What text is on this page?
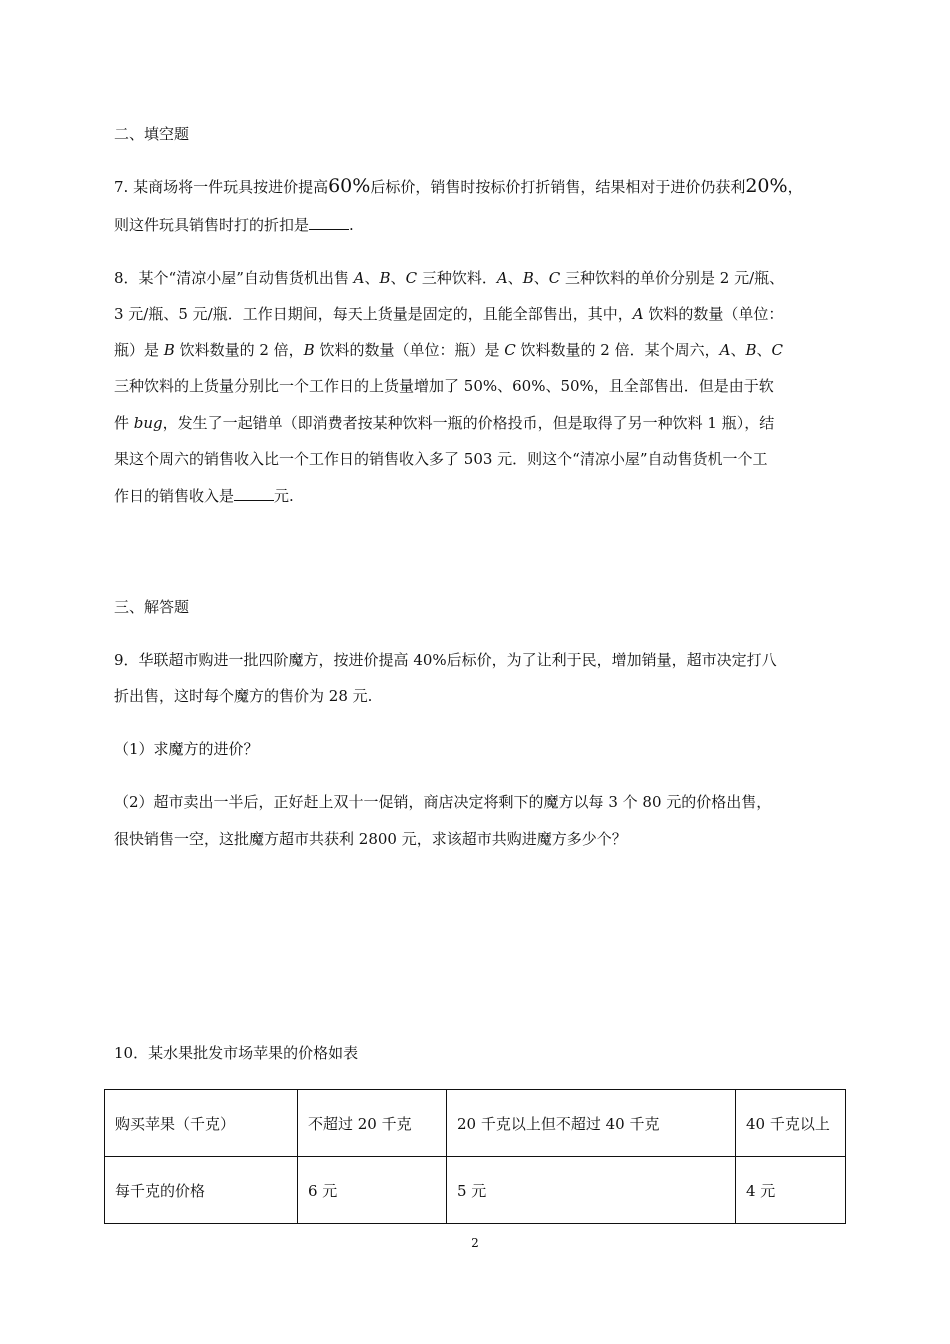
二、填空题
7. 某商场将一件玩具按进价提高60%后标价，销售时按标价打折销售，结果相对于进价仍获利20%，
则这件玩具销售时打的折扣是	.
8．某个“清凉小屋”自动售货机出售 A、B、C 三种饮料．A、B、C 三种饮料的单价分别是 2 元/瓶、
3 元/瓶、5 元/瓶．工作日期间，每天上货量是固定的，且能全部售出，其中，A 饮料的数量（单位：
瓶）是 B 饮料数量的 2 倍，B 饮料的数量（单位：瓶）是 C 饮料数量的 2 倍．某个周六，A、B、C
三种饮料的上货量分别比一个工作日的上货量增加了 50%、60%、50%，且全部售出．但是由于软
件 bug，发生了一起错单（即消费者按某种饮料一瓶的价格投币，但是取得了另一种饮料 1 瓶），结
果这个周六的销售收入比一个工作日的销售收入多了 503 元．则这个“清凉小屋”自动售货机一个工
作日的销售收入是	元.
三、解答题
9．华联超市购进一批四阶魔方，按进价提高 40%后标价，为了让利于民，增加销量，超市决定打八
折出售，这时每个魔方的售价为 28 元.
（1）求魔方的进价？
（2）超市卖出一半后，正好赶上双十一促销，商店决定将剩下的魔方以每 3 个 80 元的价格出售，
很快销售一空，这批魔方超市共获利 2800 元，求该超市共购进魔方多少个？
10．某水果批发市场苹果的价格如表
购买苹果（千克）	不超过 20 千克	20 千克以上但不超过 40 千克	40 千克以上
每千克的价格	6 元	5 元	4 元
2
